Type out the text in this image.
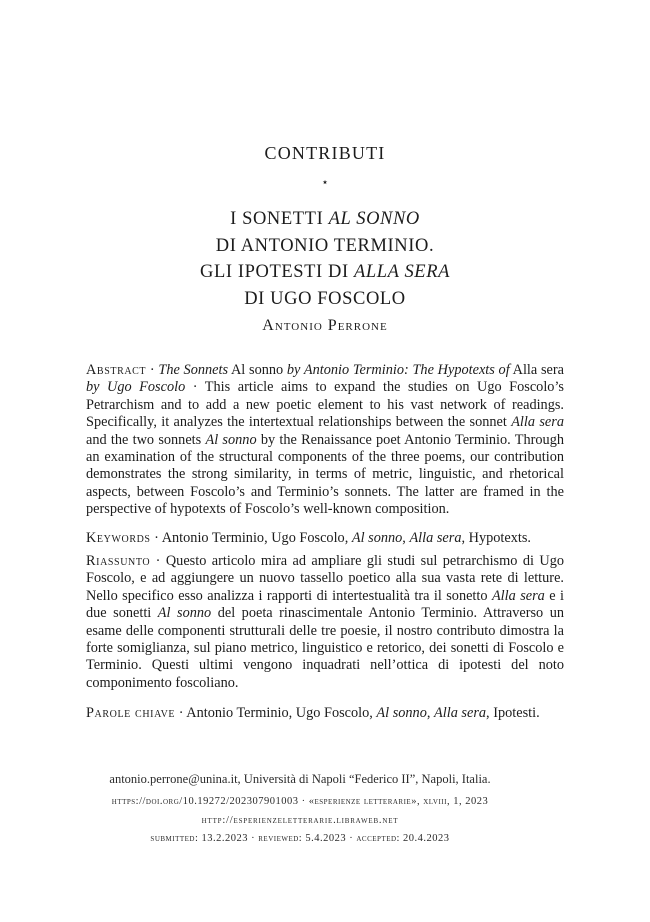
CONTRIBUTI
⋆
I SONETTI AL SONNO
DI ANTONIO TERMINIO.
GLI IPOTESTI DI ALLA SERA
DI UGO FOSCOLO
Antonio Perrone
Abstract · The Sonnets Al sonno by Antonio Terminio: The Hypotexts of Alla sera by Ugo Foscolo · This article aims to expand the studies on Ugo Foscolo’s Petrarchism and to add a new poetic element to his vast network of readings. Specifically, it analyzes the intertextual relationships between the sonnet Alla sera and the two sonnets Al sonno by the Renaissance poet Antonio Terminio. Through an examination of the structural components of the three poems, our contribution demonstrates the strong similarity, in terms of metric, linguistic, and rhetorical aspects, between Foscolo’s and Terminio’s sonnets. The latter are framed in the perspective of hypotexts of Foscolo’s well-known composition.
Keywords · Antonio Terminio, Ugo Foscolo, Al sonno, Alla sera, Hypotexts.
Riassunto · Questo articolo mira ad ampliare gli studi sul petrarchismo di Ugo Foscolo, e ad aggiungere un nuovo tassello poetico alla sua vasta rete di letture. Nello specifico esso analizza i rapporti di intertestualità tra il sonetto Alla sera e i due sonetti Al sonno del poeta rinascimentale Antonio Terminio. Attraverso un esame delle componenti strutturali delle tre poesie, il nostro contributo dimostra la forte somiglianza, sul piano metrico, linguistico e retorico, dei sonetti di Foscolo e Terminio. Questi ultimi vengono inquadrati nell’ottica di ipotesti del noto componimento foscoliano.
Parole chiave · Antonio Terminio, Ugo Foscolo, Al sonno, Alla sera, Ipotesti.
antonio.perrone@unina.it, Università di Napoli “Federico II”, Napoli, Italia.
https://doi.org/10.19272/202307901003 · «esperienze letterarie», xlviii, 1, 2023
http://esperienzeletterarie.libraweb.net
submitted: 13.2.2023 · reviewed: 5.4.2023 · accepted: 20.4.2023
